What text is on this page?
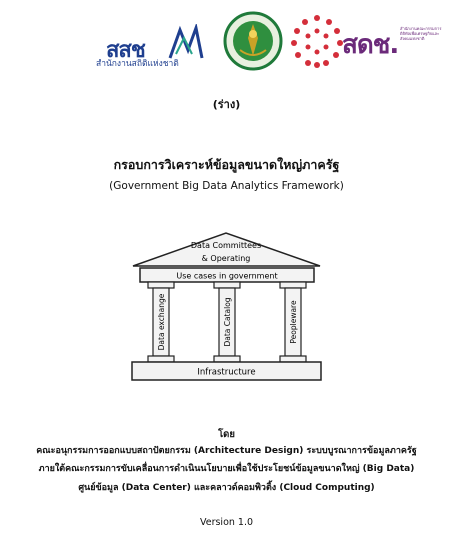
สสช
สำนักงานสถิติแห่งชาติ
สดช.
สำนักงานคณะกรรมการดิจิทัลเพื่อเศรษฐกิจและสังคมแห่งชาติ
(ร่าง)
กรอบการวิเคราะห์ข้อมูลขนาดใหญ่ภาครัฐ
(Government Big Data Analytics Framework)
Data Committees
& Operating
Use cases in government
Data exchange	Data Catalog	Peopleware
Infrastructure
โดย
คณะอนุกรรมการออกแบบสถาปัตยกรรม (Architecture Design) ระบบบูรณาการข้อมูลภาครัฐ
ภายใต้คณะกรรมการขับเคลื่อนการดำเนินนโยบายเพื่อใช้ประโยชน์ข้อมูลขนาดใหญ่ (Big Data)
ศูนย์ข้อมูล (Data Center) และคลาวด์คอมพิวติ้ง (Cloud Computing)
Version 1.0
